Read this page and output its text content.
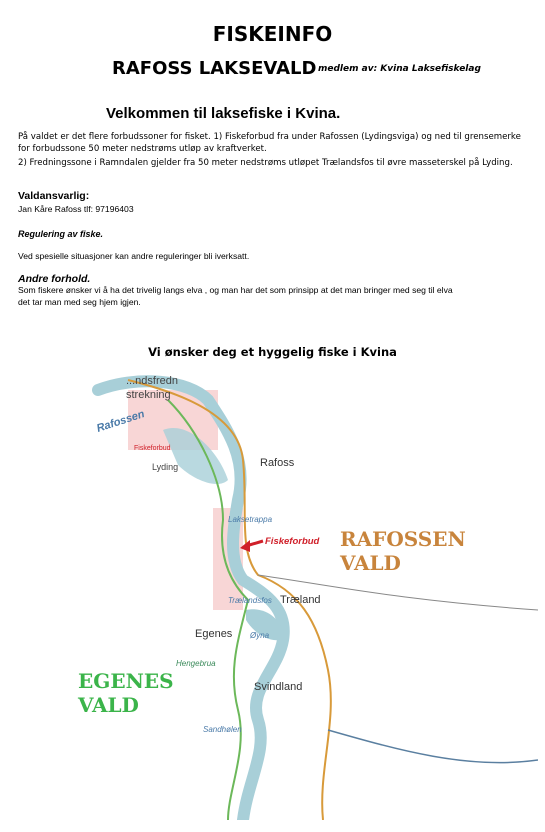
FISKEINFO
RAFOSS LAKSEVALD medlem av: Kvina Laksefiskelag
Velkommen til laksefiske i Kvina.
På valdet er det flere forbudssoner for fisket. 1) Fiskeforbud fra under Rafossen (Lydingsviga) og ned til grensemerke
for forbudssone 50 meter nedstrøms utløp av kraftverket.
2) Fredningssone i Ramndalen gjelder fra 50 meter nedstrøms utløpet Trælandsfos til øvre masseterskel på Lyding.
Valdansvarlig:
Jan Kåre Rafoss tlf: 97196403
Regulering av fiske.
Ved spesielle situasjoner kan andre reguleringer bli iverksatt.
Andre forhold.
Som fiskere ønsker vi å ha det trivelig langs elva , og man har det som prinsipp at det man bringer med seg til elva
det tar man med seg hjem igjen.
Vi ønsker deg et hyggelig fiske i Kvina
...ndsfredn
strekning
Rafossen
Fiskeforbud
Lyding	Rafoss
Laksetrappa
Fiskeforbud RAFOSSEN
VALD
Trælandsfos Træland
Egenes Øyna
Hengebrua
EGENES
VALD
Svindland
Sandhølen
